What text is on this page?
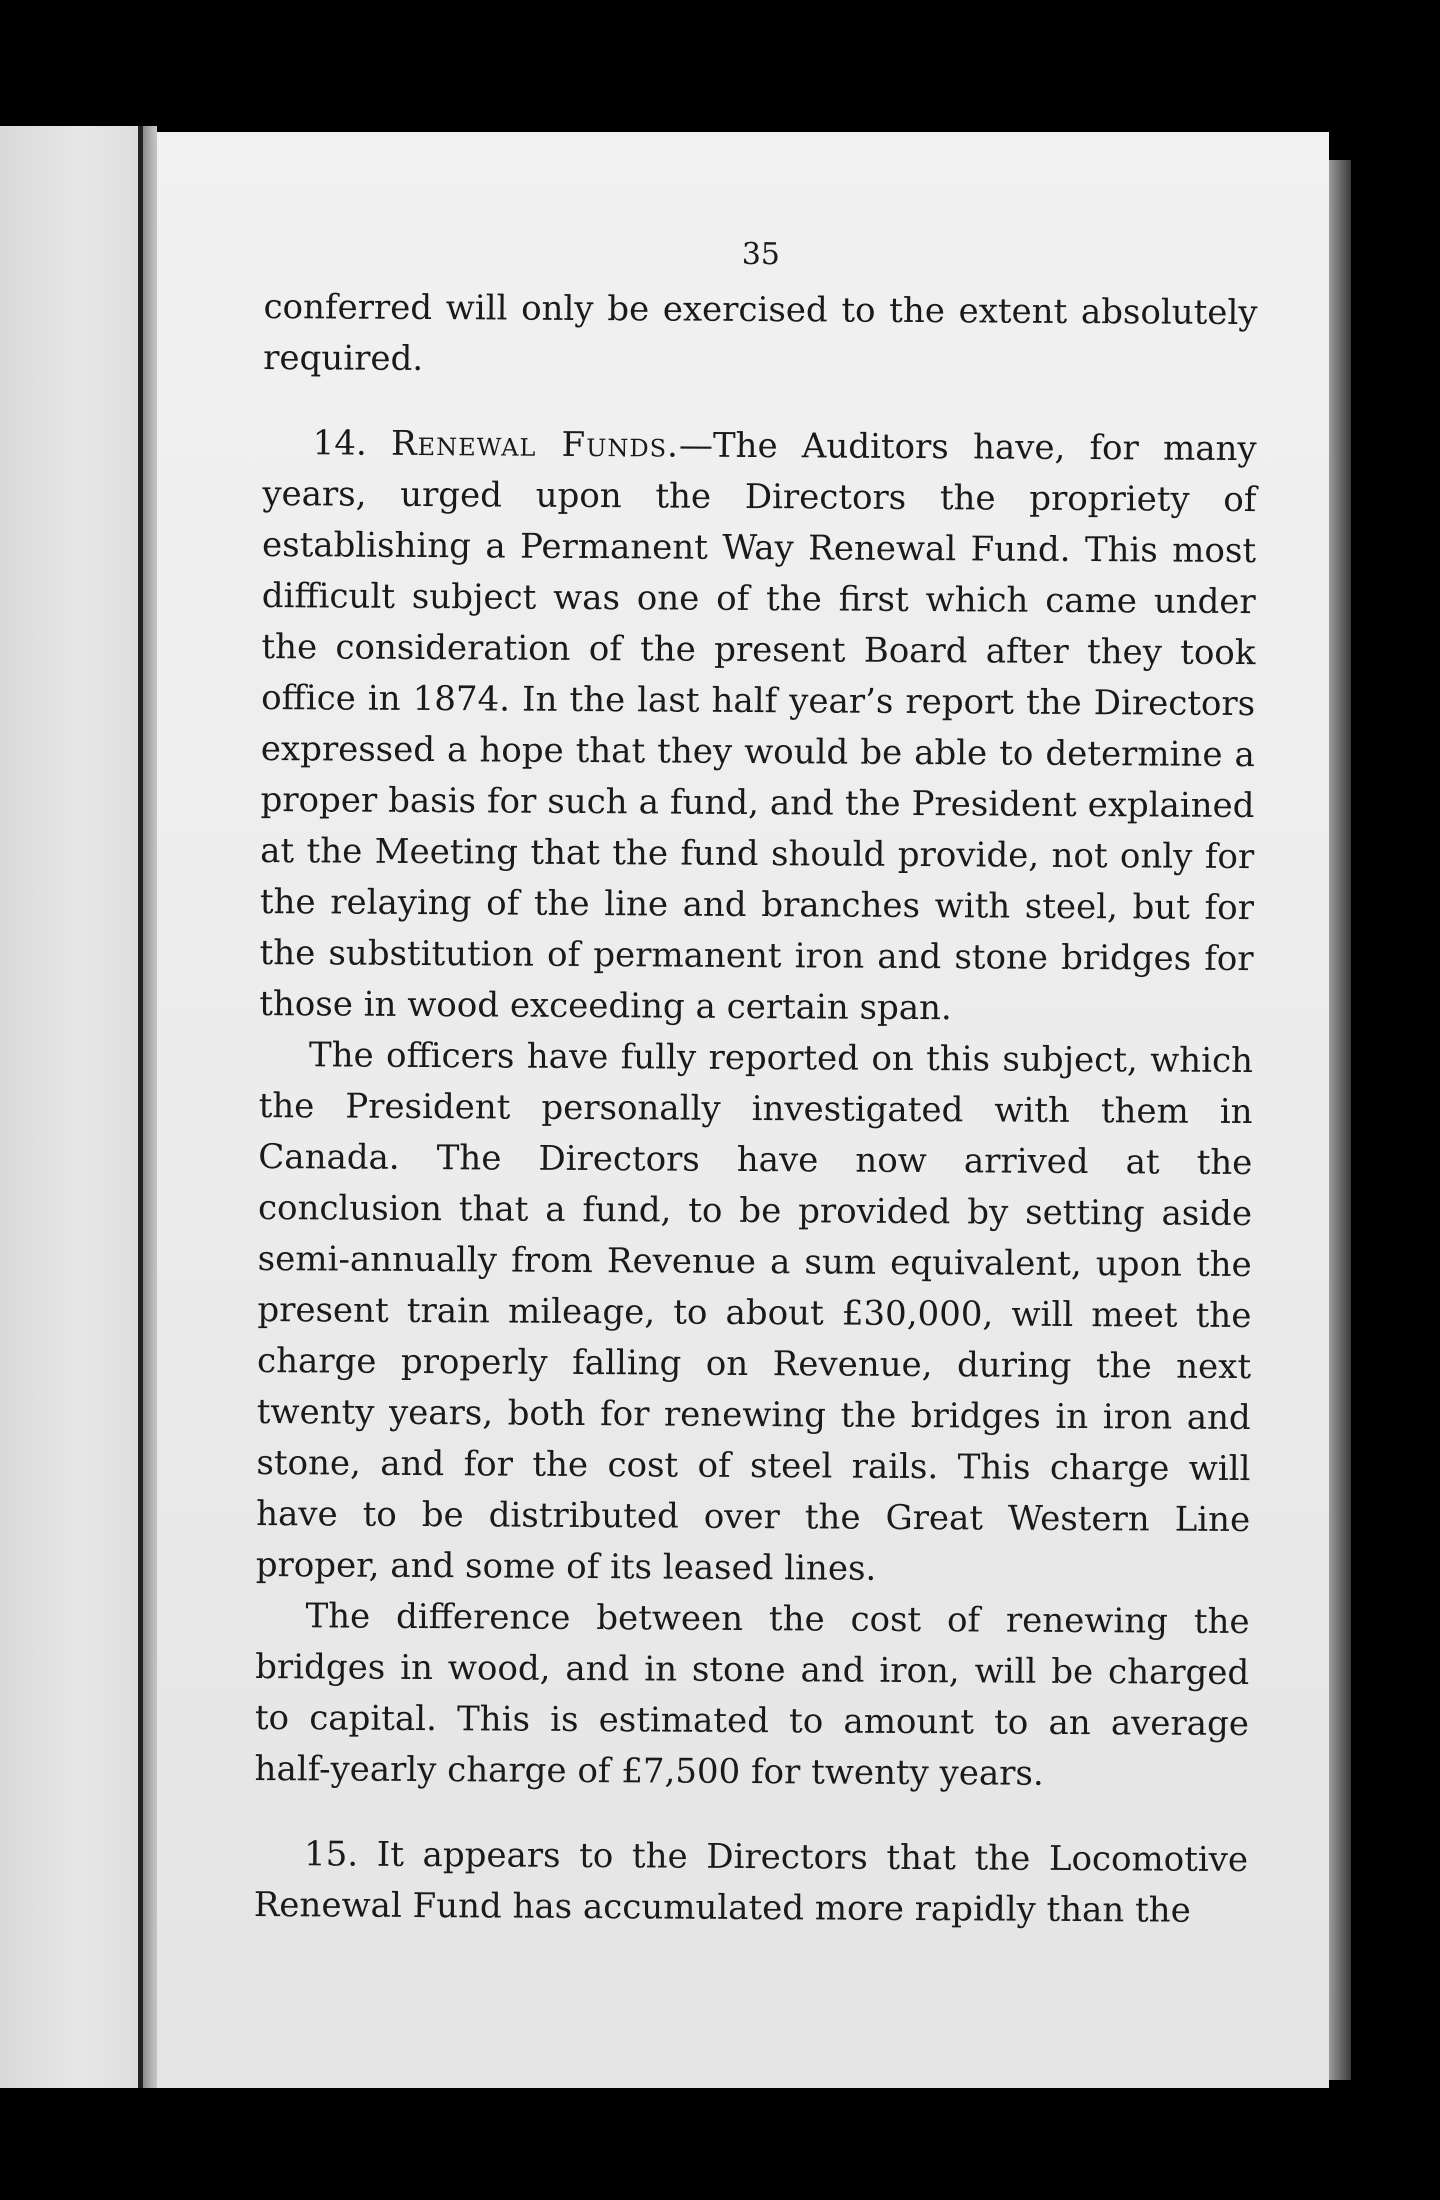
35

conferred will only be exercised to the extent absolutely required.

14. Renewal Funds.—The Auditors have, for many years, urged upon the Directors the propriety of establishing a Permanent Way Renewal Fund. This most difficult subject was one of the first which came under the consideration of the present Board after they took office in 1874. In the last half year’s report the Directors expressed a hope that they would be able to determine a proper basis for such a fund, and the President explained at the Meeting that the fund should provide, not only for the relaying of the line and branches with steel, but for the substitution of permanent iron and stone bridges for those in wood exceeding a certain span.

The officers have fully reported on this subject, which the President personally investigated with them in Canada. The Directors have now arrived at the conclusion that a fund, to be provided by setting aside semi-annually from Revenue a sum equivalent, upon the present train mileage, to about £30,000, will meet the charge properly falling on Revenue, during the next twenty years, both for renewing the bridges in iron and stone, and for the cost of steel rails. This charge will have to be distributed over the Great Western Line proper, and some of its leased lines.

The difference between the cost of renewing the bridges in wood, and in stone and iron, will be charged to capital. This is estimated to amount to an average half-yearly charge of £7,500 for twenty years.

15. It appears to the Directors that the Locomotive Renewal Fund has accumulated more rapidly than the
